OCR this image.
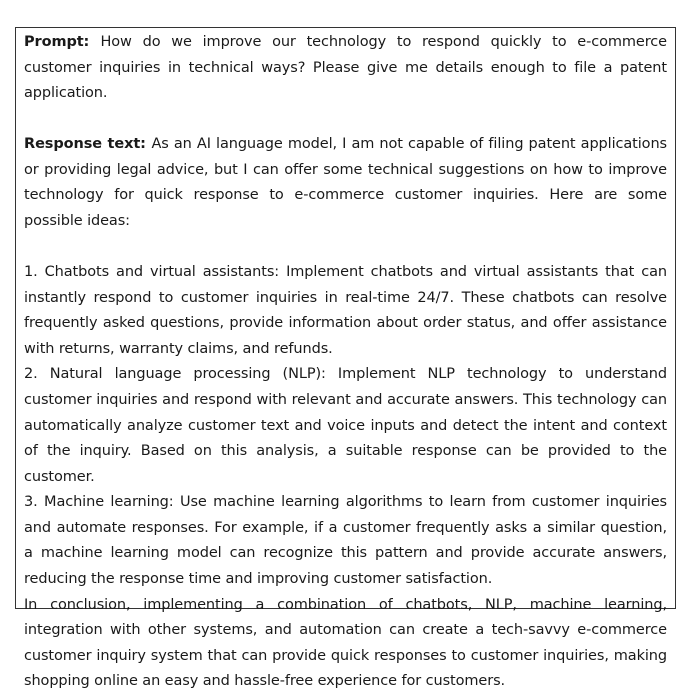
Prompt: How do we improve our technology to respond quickly to e-commerce customer inquiries in technical ways? Please give me details enough to file a patent application.

Response text: As an AI language model, I am not capable of filing patent applications or providing legal advice, but I can offer some technical suggestions on how to improve technology for quick response to e-commerce customer inquiries. Here are some possible ideas:

1. Chatbots and virtual assistants: Implement chatbots and virtual assistants that can instantly respond to customer inquiries in real-time 24/7. These chatbots can resolve frequently asked questions, provide information about order status, and offer assistance with returns, warranty claims, and refunds.

2. Natural language processing (NLP): Implement NLP technology to understand customer inquiries and respond with relevant and accurate answers. This technology can automatically analyze customer text and voice inputs and detect the intent and context of the inquiry. Based on this analysis, a suitable response can be provided to the customer.

3. Machine learning: Use machine learning algorithms to learn from customer inquiries and automate responses. For example, if a customer frequently asks a similar question, a machine learning model can recognize this pattern and provide accurate answers, reducing the response time and improving customer satisfaction.

In conclusion, implementing a combination of chatbots, NLP, machine learning, integration with other systems, and automation can create a tech-savvy e-commerce customer inquiry system that can provide quick responses to customer inquiries, making shopping online an easy and hassle-free experience for customers.
